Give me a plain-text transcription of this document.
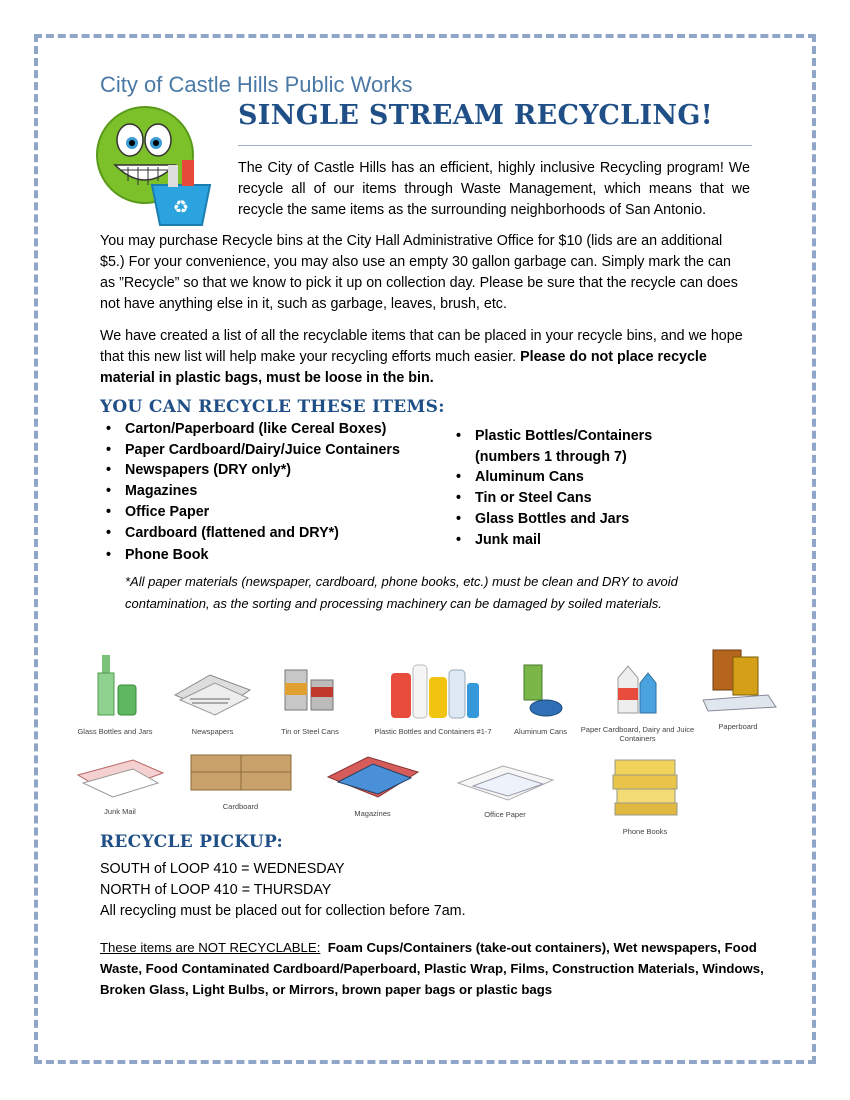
City of Castle Hills Public Works
♻
SINGLE STREAM RECYCLING!
The City of Castle Hills has an efficient, highly inclusive Recycling program! We recycle all of our items through Waste Management, which means that we recycle the same items as the surrounding neighborhoods of San Antonio.
You may purchase Recycle bins at the City Hall Administrative Office for $10 (lids are an additional $5.) For your convenience, you may also use an empty 30 gallon garbage can. Simply mark the can as ”Recycle” so that we know to pick it up on collection day. Please be sure that the recycle can does not have anything else in it, such as garbage, leaves, brush, etc.
We have created a list of all the recyclable items that can be placed in your recycle bins, and we hope that this new list will help make your recycling efforts much easier. Please do not place recycle material in plastic bags, must be loose in the bin.
YOU CAN RECYCLE THESE ITEMS:
• Carton/Paperboard (like Cereal Boxes)
• Paper Cardboard/Dairy/Juice Containers
• Newspapers (DRY only*)
• Magazines
• Office Paper
• Cardboard (flattened and DRY*)
• Phone Book
• Plastic Bottles/Containers
(numbers 1 through 7)
• Aluminum Cans
• Tin or Steel Cans
• Glass Bottles and Jars
• Junk mail
*All paper materials (newspaper, cardboard, phone books, etc.) must be clean and DRY to avoid contamination, as the sorting and processing machinery can be damaged by soiled materials.
Glass Bottles and Jars	Newspapers	Tin or Steel Cans	Plastic Bottles and Containers #1-7	Aluminum Cans	Paper Cardboard, Dairy and Juice Containers
Paperboard
Junk Mail
Cardboard
Magazines	Office Paper
Phone Books
RECYCLE PICKUP:
SOUTH of LOOP 410 = WEDNESDAY
NORTH of LOOP 410 = THURSDAY
All recycling must be placed out for collection before 7am.
These items are NOT RECYCLABLE: Foam Cups/Containers (take-out containers), Wet newspapers, Food Waste, Food Contaminated Cardboard/Paperboard, Plastic Wrap, Films, Construction Materials, Windows, Broken Glass, Light Bulbs, or Mirrors, brown paper bags or plastic bags
